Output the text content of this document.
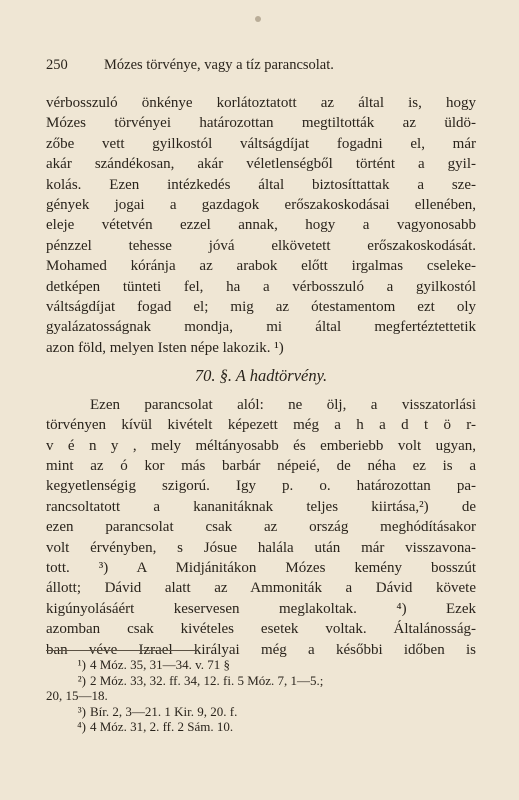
250	Mózes törvénye, vagy a tíz parancsolat.

vérbosszuló önkénye korlátoztatott az által is, hogy

Mózes törvényei határozottan megtiltották az üldö-

zőbe vett gyilkostól váltságdíjat fogadni el, már

akár szándékosan, akár véletlenségből történt a gyil-

kolás. Ezen intézkedés által biztosíttattak a sze-

gények jogai a gazdagok erőszakoskodásai ellenében,

eleje vétetvén ezzel annak, hogy a vagyonosabb

pénzzel tehesse jóvá elkövetett erőszakoskodását.

Mohamed kóránja az arabok előtt irgalmas cseleke-

detképen tünteti fel, ha a vérbosszuló a gyilkostól

váltságdíjat fogad el; mig az ótestamentom ezt oly

gyalázatosságnak mondja, mi által megfertéztettetik

azon föld, melyen Isten népe lakozik. ¹)

70. §. A hadtörvény.

Ezen parancsolat alól: ne ölj, a visszatorlási

törvényen kívül kivételt képezett még a h a d t ö r-

v é n y , mely méltányosabb és emberiebb volt ugyan,

mint az ó kor más barbár népeié, de néha ez is a

kegyetlenségig szigorú. Igy p. o. határozottan pa-

rancsoltatott a kananitáknak teljes kiirtása,²) de

ezen parancsolat csak az ország meghódításakor

volt érvényben, s Jósue halála után már visszavona-

tott. ³) A Midjánitákon Mózes kemény bosszút

állott; Dávid alatt az Ammoniták a Dávid követe

kigúnyolásáért keservesen meglakoltak. ⁴) Ezek

azomban csak kivételes esetek voltak. Általánosság-

ban véve Izrael királyai még a későbbi időben is

¹) 4 Móz. 35, 31—34. v. 71 §

²) 2 Móz. 33, 32. ff. 34, 12. fi. 5 Móz. 7, 1—5.;

20, 15—18.

³) Bír. 2, 3—21. 1 Kir. 9, 20. f.

⁴) 4 Móz. 31, 2. ff. 2 Sám. 10.
